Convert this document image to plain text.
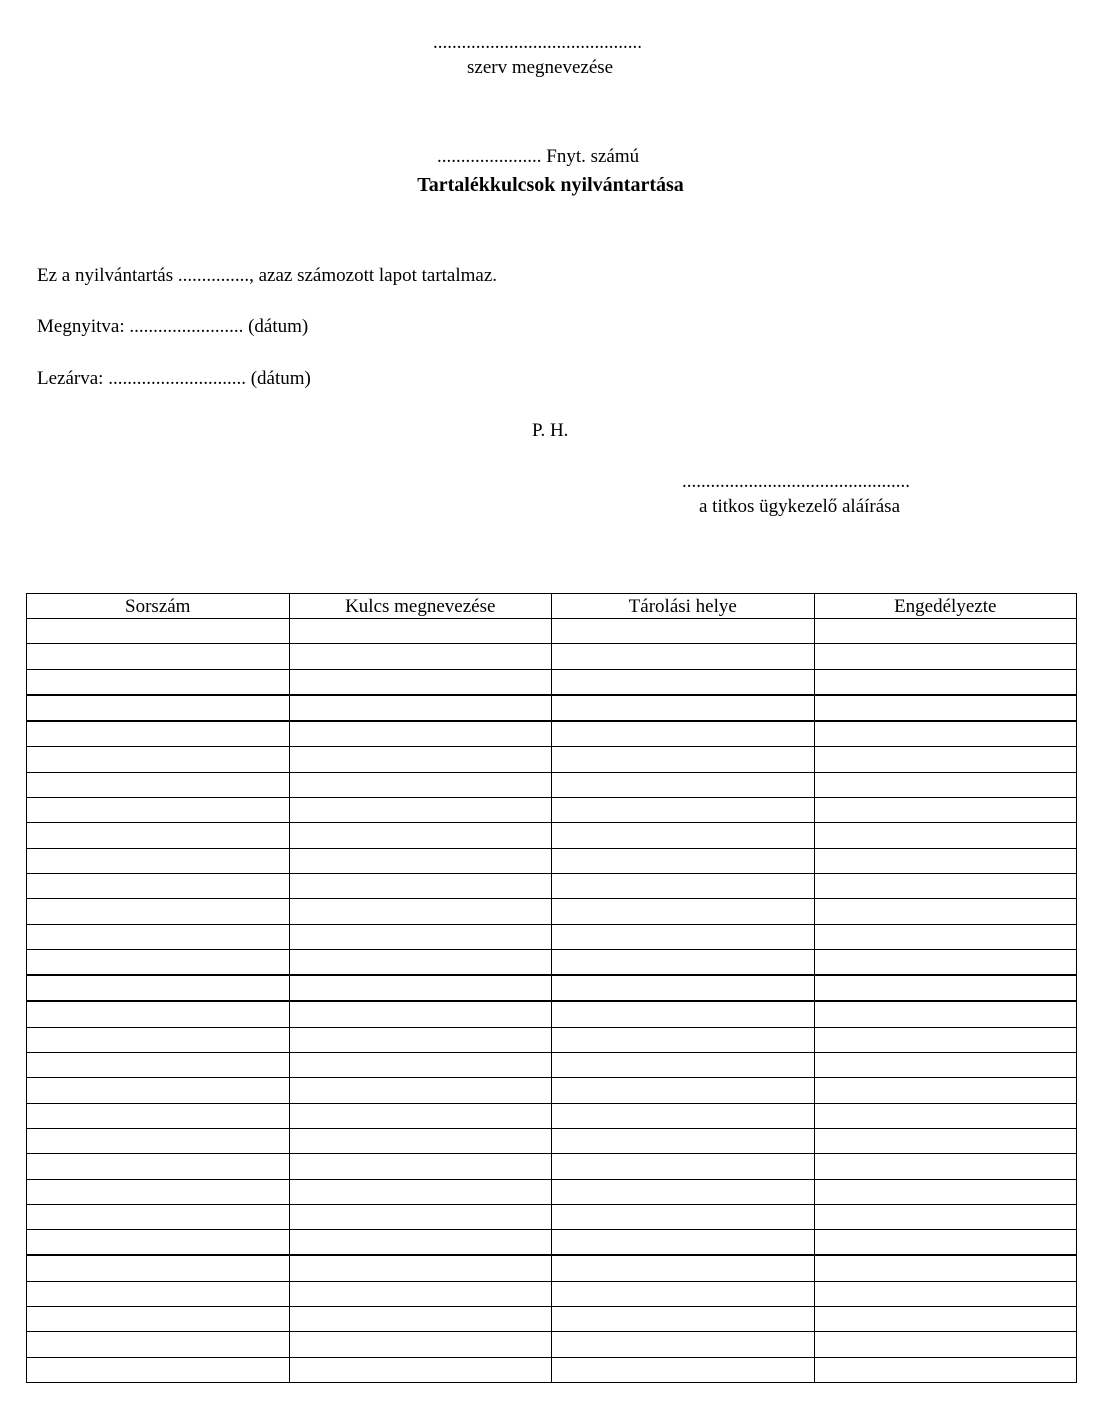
............................................
szerv megnevezése
...................... Fnyt. számú
Tartalékkulcsok nyilvántartása
Ez a nyilvántartás ..............., azaz számozott lapot tartalmaz.
Megnyitva: ........................ (dátum)
Lezárva: ............................. (dátum)
P. H.
................................................
a titkos ügykezelő aláírása
Sorszám	Kulcs megnevezése	Tárolási helye	Engedélyezte
